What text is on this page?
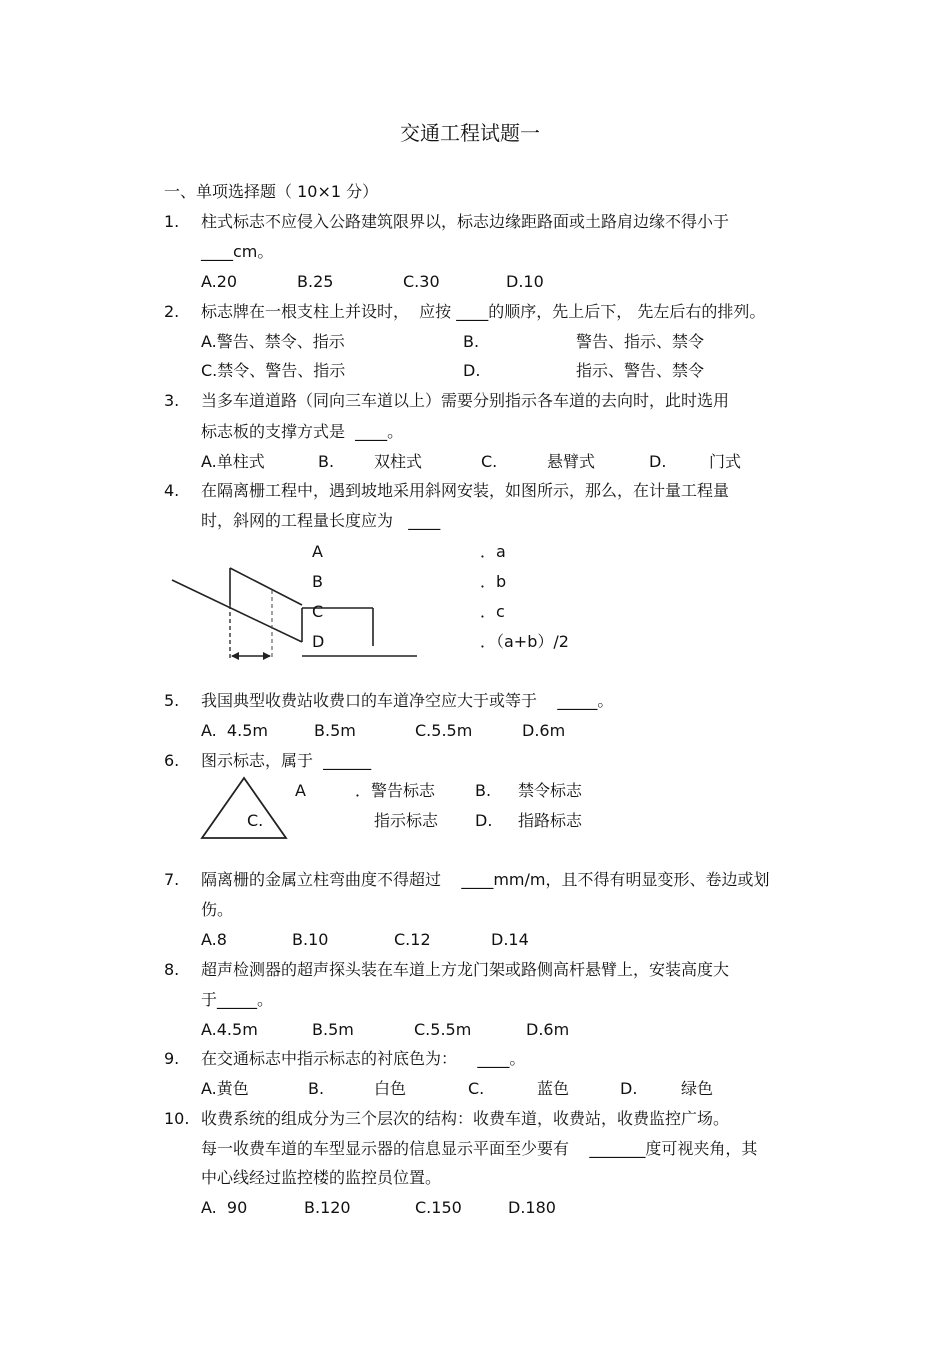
交通工程试题一
一、单项选择题（ 10×1 分）
1. 柱式标志不应侵入公路建筑限界以，标志边缘距路面或土路肩边缘不得小于
____cm。
A.20	B.25	C.30	D.10
2. 标志牌在一根支柱上并设时，  应按 ____的顺序，先上后下， 先左后右的排列。
A.警告、禁令、指示	B.	警告、指示、禁令
C.禁令、警告、指示	D.	指示、警告、禁令
3. 当多车道道路（同向三车道以上）需要分别指示各车道的去向时，此时选用
标志板的支撑方式是  ____。
A.单柱式	B. 双柱式	C.	悬臂式	D.	门式
4. 在隔离栅工程中，遇到坡地采用斜网安装，如图所示，那么，在计量工程量
时，斜网的工程量长度应为   ____
A	．a
B	．b
C	．c
D	．（a+b）/2
5. 我国典型收费站收费口的车道净空应大于或等于    _____。
A.  4.5m	B.5m	C.5.5m	D.6m
6. 图示标志，属于  ______
A	．警告标志 B. 禁令标志
C.	指示标志 D. 指路标志
7. 隔离栅的金属立柱弯曲度不得超过    ____mm/m，且不得有明显变形、卷边或划
伤。
A.8	B.10	C.12	D.14
8. 超声检测器的超声探头装在车道上方龙门架或路侧高杆悬臂上，安装高度大
于_____。
A.4.5m	B.5m	C.5.5m	D.6m
9. 在交通标志中指示标志的衬底色为：    ____。
A.黄色	B.	白色	C.	蓝色	D.	绿色
10. 收费系统的组成分为三个层次的结构：收费车道，收费站，收费监控广场。
每一收费车道的车型显示器的信息显示平面至少要有    _______度可视夹角，其
中心线经过监控楼的监控员位置。
A.  90	B.120	C.150	D.180
